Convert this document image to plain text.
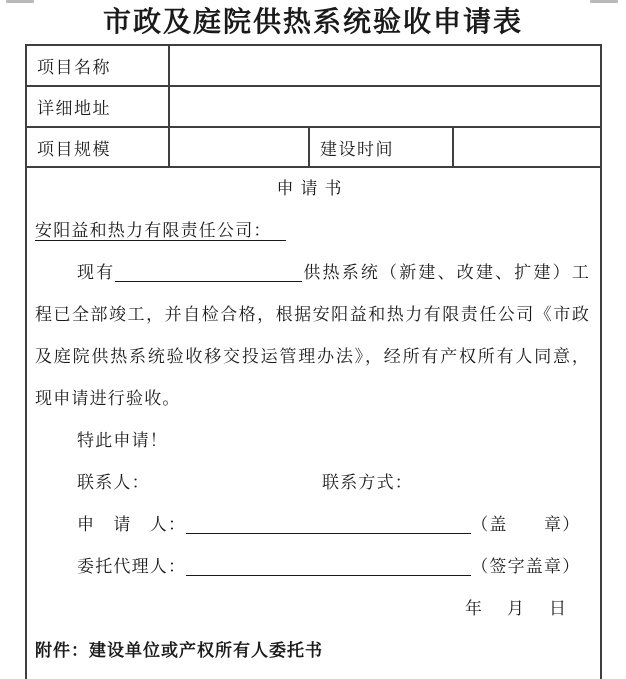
市政及庭院供热系统验收申请表
项目名称			
详细地址			
项目规模		建设时间	

申请书
安阳益和热力有限责任公司：
现有	供热系统（新建、改建、扩建）工
程已全部竣工，并自检合格，根据安阳益和热力有限责任公司《市政
及庭院供热系统验收移交投运管理办法》，经所有产权所有人同意，
现申请进行验收。
特此申请！
联系人：	联系方式：
申　请　人：	（盖　　章）
委托代理人：	（签字盖章）
年　月　日
附件：建设单位或产权所有人委托书
